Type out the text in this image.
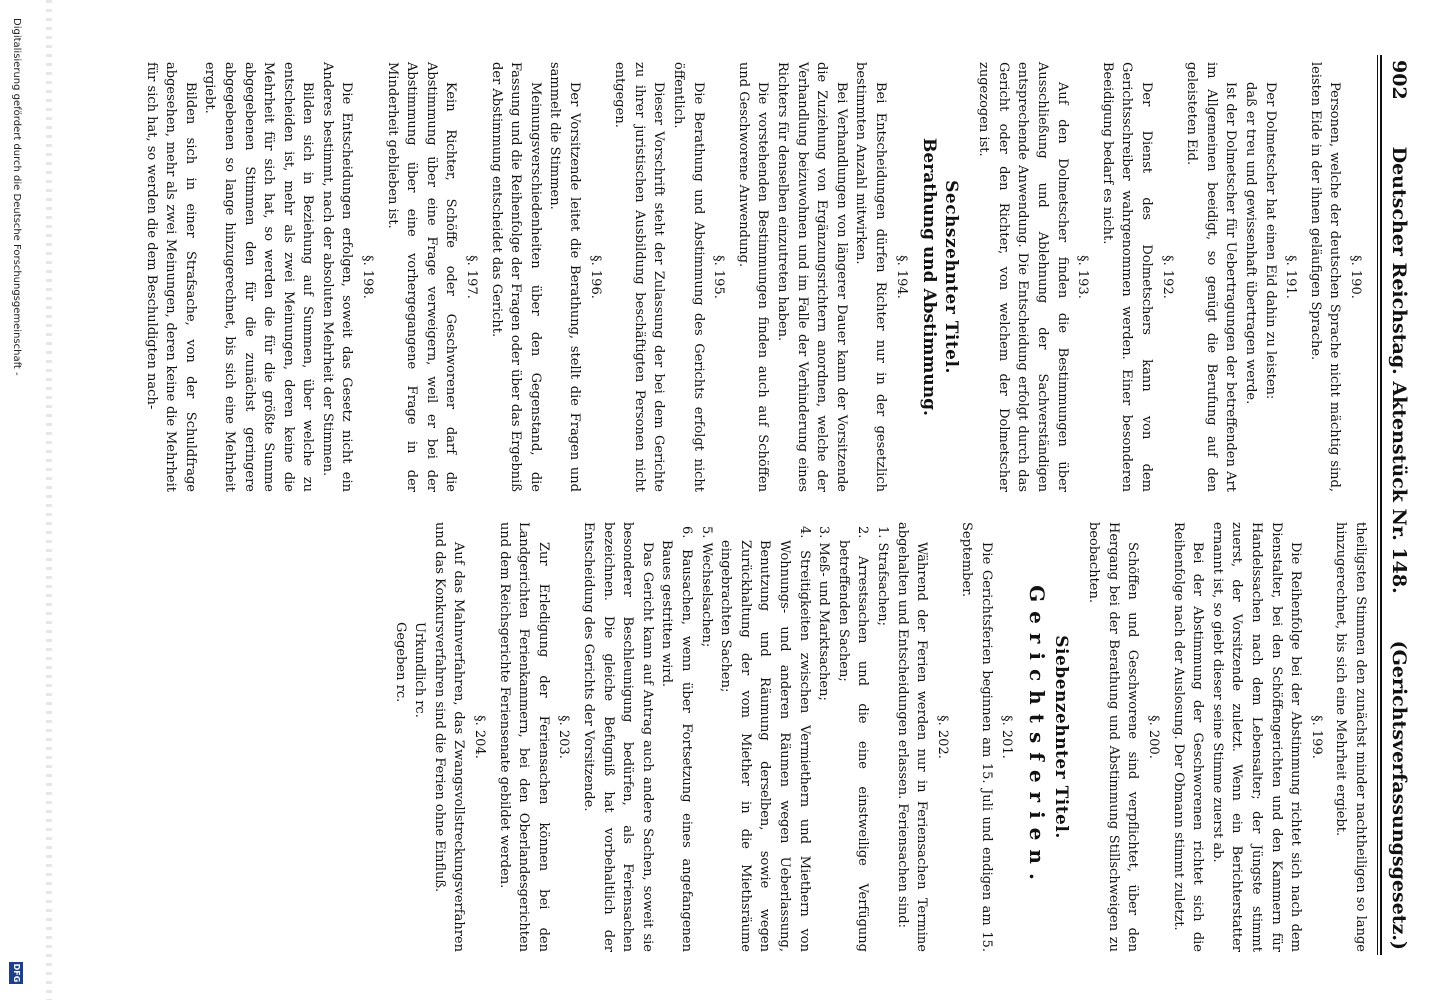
902
Deutscher Reichstag. Aktenstück Nr. 148.
(Gerichtsverfassungsgesetz.)
§. 190.

Personen, welche der deutschen Sprache nicht mächtig sind, leisten Eide in der ihnen geläufigen Sprache.

§. 191.

Der Dolmetscher hat einen Eid dahin zu leisten:

daß er treu und gewissenhaft übertragen werde.

Ist der Dolmetscher für Uebertragungen der betreffenden Art im Allgemeinen beeidigt, so genügt die Berufung auf den geleisteten Eid.

§. 192.

Der Dienst des Dolmetschers kann von dem Gerichtsschreiber wahrgenommen werden. Einer besonderen Beeidigung bedarf es nicht.

§. 193.

Auf den Dolmetscher finden die Bestimmungen über Ausschließung und Ablehnung der Sachverständigen entsprechende Anwendung. Die Entscheidung erfolgt durch das Gericht oder den Richter, von welchem der Dolmetscher zugezogen ist.

Sechszehnter Titel.
Berathung und Abstimmung.
§. 194.

Bei Entscheidungen dürfen Richter nur in der gesetzlich bestimmten Anzahl mitwirken.

Bei Verhandlungen von längerer Dauer kann der Vorsitzende die Zuziehung von Ergänzungsrichtern anordnen, welche der Verhandlung beizuwohnen und im Falle der Verhinderung eines Richters für denselben einzutreten haben.

Die vorstehenden Bestimmungen finden auch auf Schöffen und Geschworene Anwendung.

§. 195.

Die Berathung und Abstimmung des Gerichts erfolgt nicht öffentlich.

Dieser Vorschrift steht der Zulassung der bei dem Gerichte zu ihrer juristischen Ausbildung beschäftigten Personen nicht entgegen.

§. 196.

Der Vorsitzende leitet die Berathung, stellt die Fragen und sammelt die Stimmen.

Meinungsverschiedenheiten über den Gegenstand, die Fassung und die Reihenfolge der Fragen oder über das Ergebniß der Abstimmung entscheidet das Gericht.

§. 197.

Kein Richter, Schöffe oder Geschworener darf die Abstimmung über eine Frage verweigern, weil er bei der Abstimmung über eine vorhergegangene Frage in der Minderheit geblieben ist.

§. 198.

Die Entscheidungen erfolgen, soweit das Gesetz nicht ein Anderes bestimmt, nach der absoluten Mehrheit der Stimmen.

Bilden sich in Beziehung auf Summen, über welche zu entscheiden ist, mehr als zwei Meinungen, deren keine die Mehrheit für sich hat, so werden die für die größte Summe abgegebenen Stimmen den für die zunächst geringere abgegebenen so lange hinzugerechnet, bis sich eine Mehrheit ergiebt.

Bilden sich in einer Strafsache, von der Schuldfrage abgesehen, mehr als zwei Meinungen, deren keine die Mehrheit für sich hat, so werden die dem Beschuldigten nach-

theiligsten Stimmen den zunächst minder nachtheiligen so lange hinzugerechnet, bis sich eine Mehrheit ergiebt.

§. 199.

Die Reihenfolge bei der Abstimmung richtet sich nach dem Dienstalter, bei den Schöffengerichten und den Kammern für Handelssachen nach dem Lebensalter; der Jüngste stimmt zuerst, der Vorsitzende zuletzt. Wenn ein Berichterstatter ernannt ist, so giebt dieser seine Stimme zuerst ab.

Bei der Abstimmung der Geschworenen richtet sich die Reihenfolge nach der Auslosung. Der Obmann stimmt zuletzt.

§. 200.

Schöffen und Geschworene sind verpflichtet, über den Hergang bei der Berathung und Abstimmung Stillschweigen zu beobachten.

Siebenzehnter Titel.
Gerichtsferien.
§. 201.

Die Gerichtsferien beginnen am 15. Juli und endigen am 15. September.

§. 202.

Während der Ferien werden nur in Feriensachen Termine abgehalten und Entscheidungen erlassen. Feriensachen sind:

1. Strafsachen;
2. Arrestsachen und die eine einstweilige Verfügung betreffenden Sachen;
3. Meß- und Marktsachen;
4. Streitigkeiten zwischen Vermiethern und Miethern von Wohnungs- und anderen Räumen wegen Ueberlassung, Benutzung und Räumung derselben, sowie wegen Zurückhaltung der vom Miether in die Miethsräume eingebrachten Sachen;
5. Wechselsachen;
6. Bausachen, wenn über Fortsetzung eines angefangenen Baues gestritten wird.

Das Gericht kann auf Antrag auch andere Sachen, soweit sie besonderer Beschleunigung bedürfen, als Feriensachen bezeichnen. Die gleiche Befugniß hat vorbehaltlich der Entscheidung des Gerichts der Vorsitzende.

§. 203.

Zur Erledigung der Feriensachen können bei den Landgerichten Ferienkammern, bei den Oberlandesgerichten und dem Reichsgerichte Feriensenate gebildet werden.

§. 204.

Auf das Mahnverfahren, das Zwangsvollstreckungsverfahren und das Konkursverfahren sind die Ferien ohne Einfluß.

Urkundlich rc.

Gegeben rc.

Digitalisierung gefördert durch die Deutsche Forschungsgemeinschaft -
DFG
